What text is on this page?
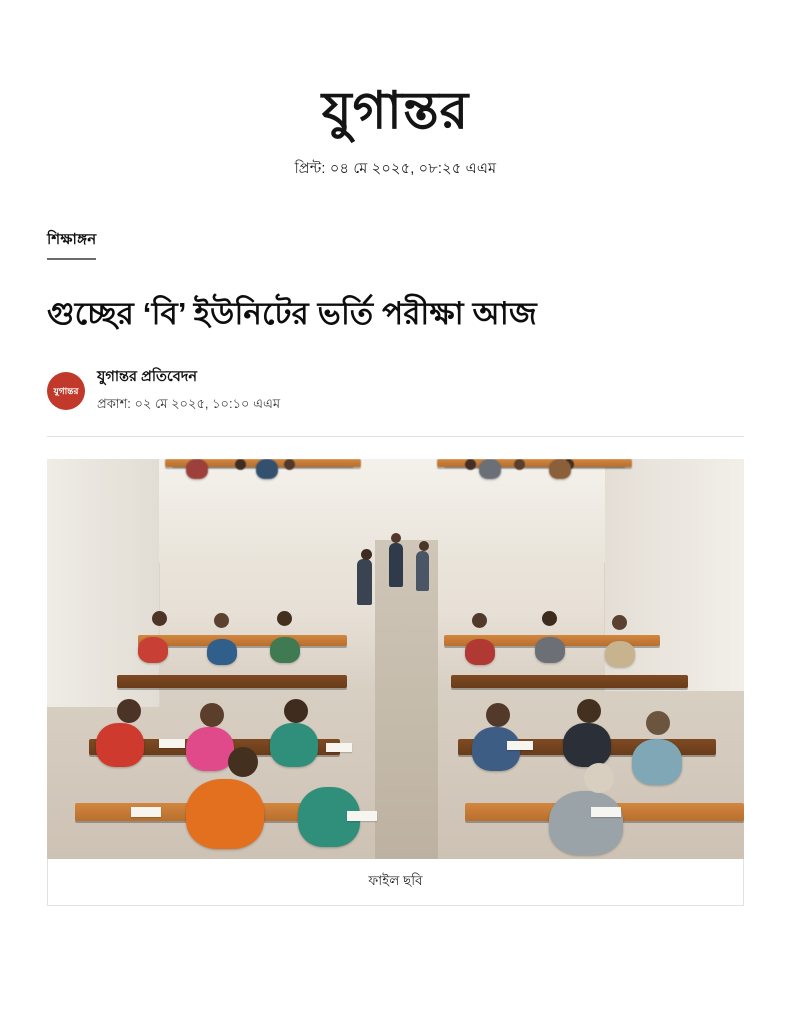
যুগান্তর
প্রিন্ট: ০৪ মে ২০২৫, ০৮:২৫ এএম
শিক্ষাঙ্গন
গুচ্ছের ‘বি’ ইউনিটের ভর্তি পরীক্ষা আজ
যুগান্তর
যুগান্তর প্রতিবেদন
প্রকাশ: ০২ মে ২০২৫, ১০:১০ এএম
ফাইল ছবি
